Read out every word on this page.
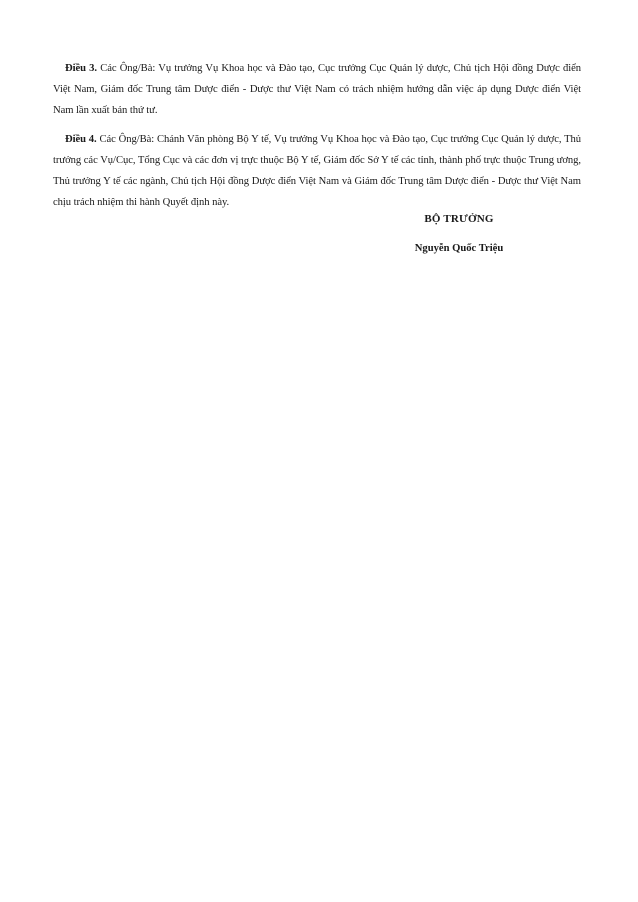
Điều 3. Các Ông/Bà: Vụ trưởng Vụ Khoa học và Đào tạo, Cục trưởng Cục Quản lý dược, Chủ tịch Hội đồng Dược điển Việt Nam, Giám đốc Trung tâm Dược điển - Dược thư Việt Nam có trách nhiệm hướng dẫn việc áp dụng Dược điển Việt Nam lần xuất bản thứ tư.

Điều 4. Các Ông/Bà: Chánh Văn phòng Bộ Y tế, Vụ trưởng Vụ Khoa học và Đào tạo, Cục trưởng Cục Quản lý dược, Thủ trưởng các Vụ/Cục, Tổng Cục và các đơn vị trực thuộc Bộ Y tế, Giám đốc Sở Y tế các tỉnh, thành phố trực thuộc Trung ương, Thủ trưởng Y tế các ngành, Chủ tịch Hội đồng Dược điển Việt Nam và Giám đốc Trung tâm Dược điển - Dược thư Việt Nam chịu trách nhiệm thi hành Quyết định này.

BỘ TRƯỞNG

Nguyễn Quốc Triệu
